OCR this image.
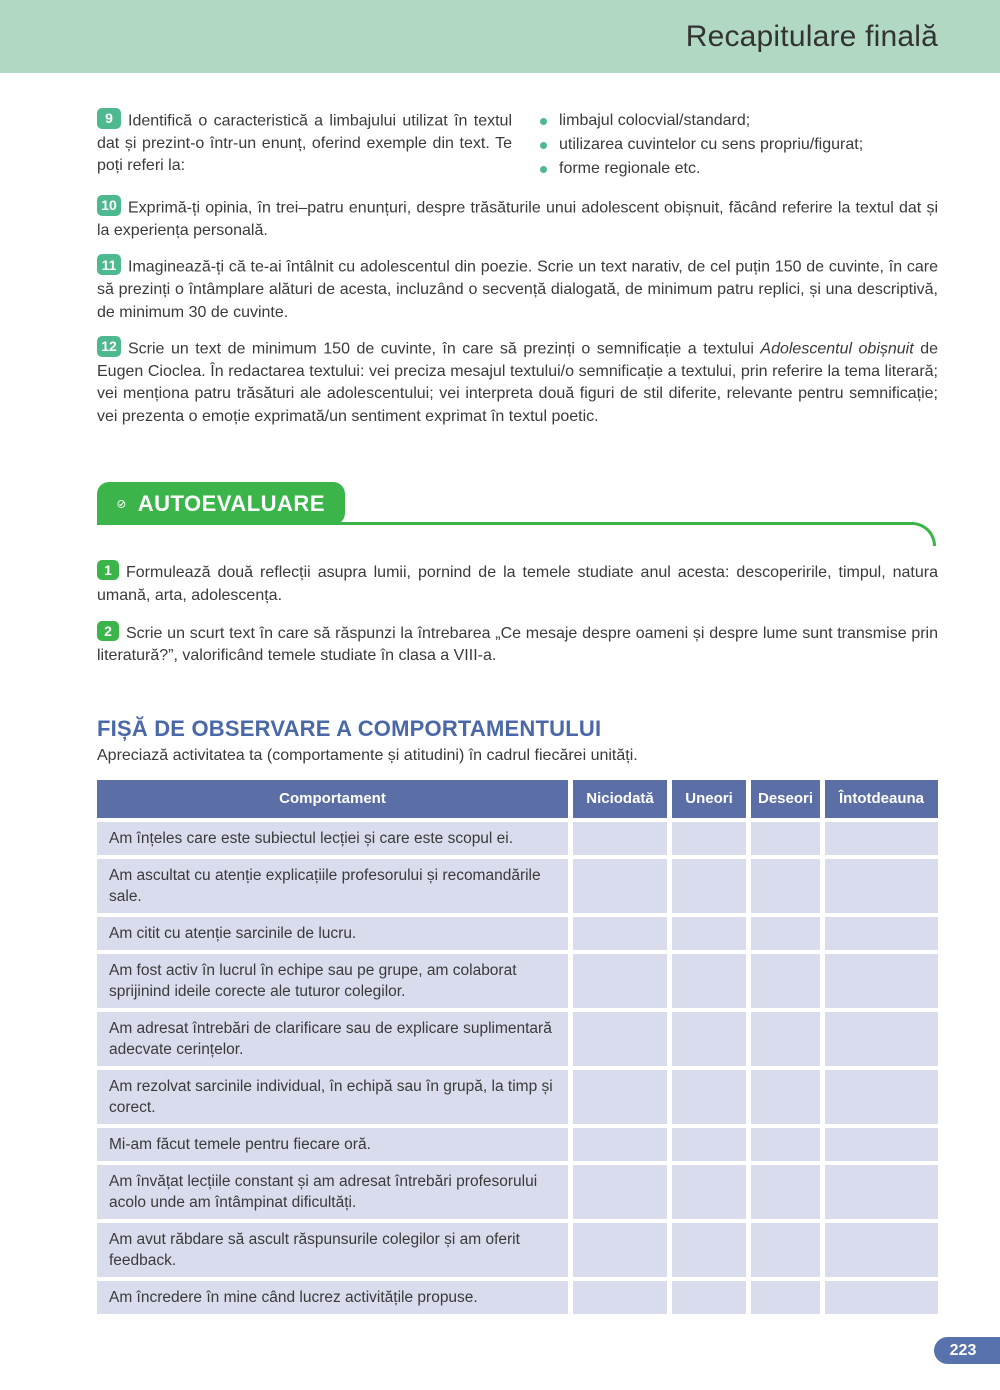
Recapitulare finală

9 Identifică o caracteristică a limbajului utilizat în textul dat și prezint-o într-un enunț, oferind exemple din text. Te poți referi la:

limbajul colocvial/standard;
utilizarea cuvintelor cu sens propriu/figurat;
forme regionale etc.

10 Exprimă-ți opinia, în trei–patru enunțuri, despre trăsăturile unui adolescent obișnuit, făcând referire la textul dat și la experiența personală.

11 Imaginează-ți că te-ai întâlnit cu adolescentul din poezie. Scrie un text narativ, de cel puțin 150 de cuvinte, în care să prezinți o întâmplare alături de acesta, incluzând o secvență dialogată, de minimum patru replici, și una descriptivă, de minimum 30 de cuvinte.

12 Scrie un text de minimum 150 de cuvinte, în care să prezinți o semnificație a textului Adolescentul obișnuit de Eugen Cioclea. În redactarea textului: vei preciza mesajul textului/o semnificație a textului, prin referire la tema literară; vei menționa patru trăsături ale adolescentului; vei interpreta două figuri de stil diferite, relevante pentru semnificație; vei prezenta o emoție exprimată/un sentiment exprimat în textul poetic.

AUTOEVALUARE

1 Formulează două reflecții asupra lumii, pornind de la temele studiate anul acesta: descoperirile, timpul, natura umană, arta, adolescența.

2 Scrie un scurt text în care să răspunzi la întrebarea „Ce mesaje despre oameni și despre lume sunt transmise prin literatură?”, valorificând temele studiate în clasa a VIII-a.

FIȘĂ DE OBSERVARE A COMPORTAMENTULUI

Apreciază activitatea ta (comportamente și atitudini) în cadrul fiecărei unități.

Comportament	Niciodată	Uneori	Deseori	Întotdeauna
Am înțeles care este subiectul lecției și care este scopul ei.
Am ascultat cu atenție explicațiile profesorului și recomandările sale.
Am citit cu atenție sarcinile de lucru.
Am fost activ în lucrul în echipe sau pe grupe, am colaborat sprijinind ideile corecte ale tuturor colegilor.
Am adresat întrebări de clarificare sau de explicare suplimentară adecvate cerințelor.
Am rezolvat sarcinile individual, în echipă sau în grupă, la timp și corect.
Mi-am făcut temele pentru fiecare oră.
Am învățat lecțiile constant și am adresat întrebări profesorului acolo unde am întâmpinat dificultăți.
Am avut răbdare să ascult răspunsurile colegilor și am oferit feedback.
Am încredere în mine când lucrez activitățile propuse.
223
